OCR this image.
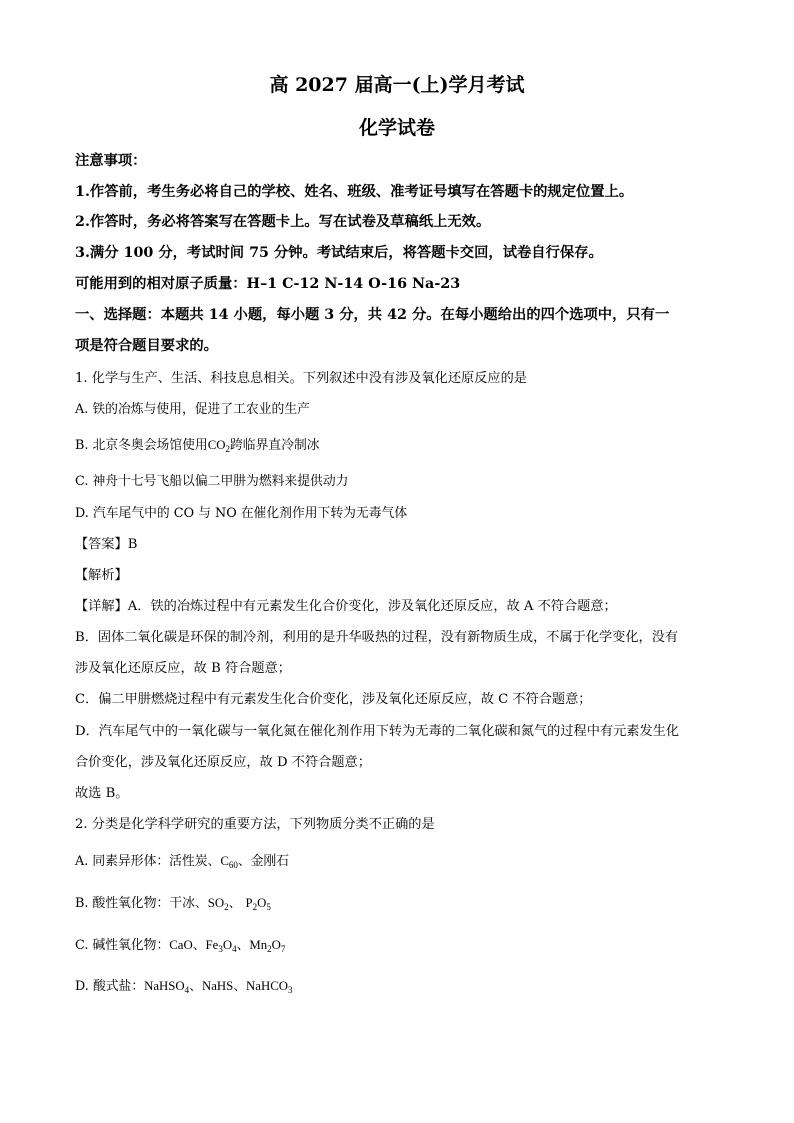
高 2027 届高一(上)学月考试
化学试卷
注意事项：
1.作答前，考生务必将自己的学校、姓名、班级、准考证号填写在答题卡的规定位置上。
2.作答时，务必将答案写在答题卡上。写在试卷及草稿纸上无效。
3.满分 100 分，考试时间 75 分钟。考试结束后，将答题卡交回，试卷自行保存。
可能用到的相对原子质量：H–1 C-12 N-14 O-16 Na-23
一、选择题：本题共 14 小题，每小题 3 分，共 42 分。在每小题给出的四个选项中，只有一
项是符合题目要求的。
1. 化学与生产、生活、科技息息相关。下列叙述中没有涉及氧化还原反应的是
A. 铁的冶炼与使用，促进了工农业的生产
B. 北京冬奥会场馆使用$CO_2$跨临界直冷制冰
C. 神舟十七号飞船以偏二甲肼为燃料来提供动力
D. 汽车尾气中的 CO 与 NO 在催化剂作用下转为无毒气体
【答案】B
【解析】
【详解】A．铁的冶炼过程中有元素发生化合价变化，涉及氧化还原反应，故 A 不符合题意；
B．固体二氧化碳是环保的制冷剂，利用的是升华吸热的过程，没有新物质生成，不属于化学变化，没有
涉及氧化还原反应，故 B 符合题意；
C．偏二甲肼燃烧过程中有元素发生化合价变化，涉及氧化还原反应，故 C 不符合题意；
D．汽车尾气中的一氧化碳与一氧化氮在催化剂作用下转为无毒的二氧化碳和氮气的过程中有元素发生化
合价变化，涉及氧化还原反应，故 D 不符合题意；
故选 B。
2. 分类是化学科学研究的重要方法，下列物质分类不正确的是
A. 同素异形体：活性炭、$C_{60}$、金刚石
B. 酸性氧化物：干冰、$SO_2$、 $P_2O_5$
C. 碱性氧化物：CaO、$Fe_3O_4$、$Mn_2O_7$
D. 酸式盐：NaHSO$_4$、NaHS、NaHCO$_3$
